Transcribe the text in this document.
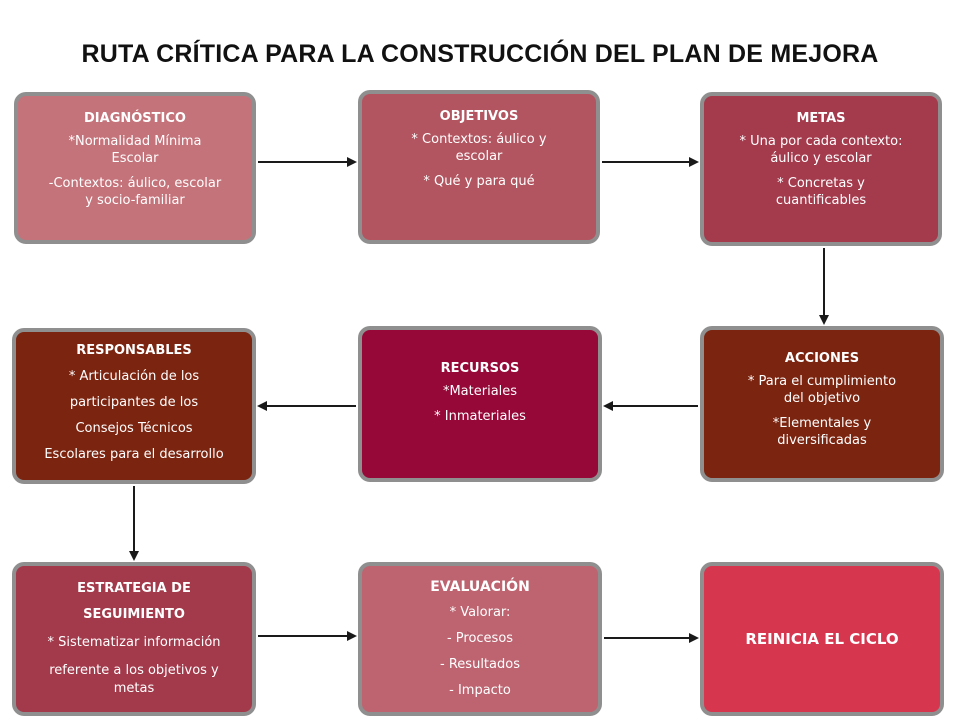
RUTA CRÍTICA PARA LA CONSTRUCCIÓN DEL PLAN DE MEJORA
DIAGNÓSTICO
*Normalidad Mínima
Escolar
-Contextos: áulico, escolar
y socio-familiar
OBJETIVOS
* Contextos: áulico y
escolar
* Qué y para qué
METAS
* Una por cada contexto:
áulico y escolar
* Concretas y
cuantificables
RESPONSABLES
* Articulación de los
participantes de los
Consejos Técnicos
Escolares para el desarrollo
RECURSOS
*Materiales
* Inmateriales
ACCIONES
* Para el cumplimiento
del objetivo
*Elementales y
diversificadas
ESTRATEGIA DE
SEGUIMIENTO
* Sistematizar información
referente a los objetivos y
metas
EVALUACIÓN
* Valorar:
- Procesos
- Resultados
- Impacto
REINICIA EL CICLO
